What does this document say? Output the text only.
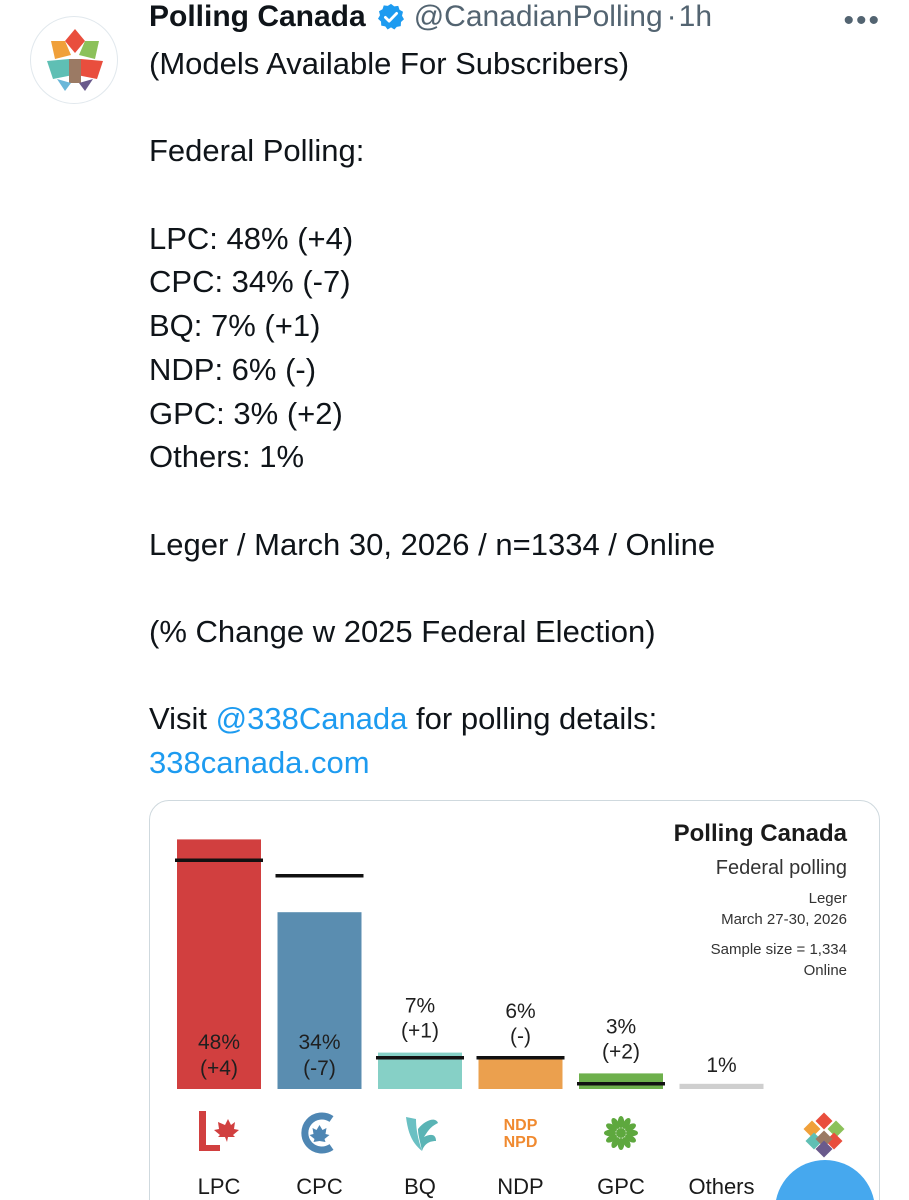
Polling Canada @CanadianPolling · 1h	•••
(Models Available For Subscribers)
Federal Polling:
LPC: 48% (+4)
CPC: 34% (-7)
BQ: 7% (+1)
NDP: 6% (-)
GPC: 3% (+2)
Others: 1%
Leger / March 30, 2026 / n=1334 / Online
(% Change w 2025 Federal Election)
Visit @338Canada for polling details:
338canada.com
Polling Canada
Federal polling
Leger
March 27-30, 2026
Sample size = 1,334
Online
48%
(+4)
LPC
34%
(-7)
CPC
7%
(+1)
BQ
6%
(-)
NDP
3%
(+2)
GPC
1%
Others
NDP
NPD
